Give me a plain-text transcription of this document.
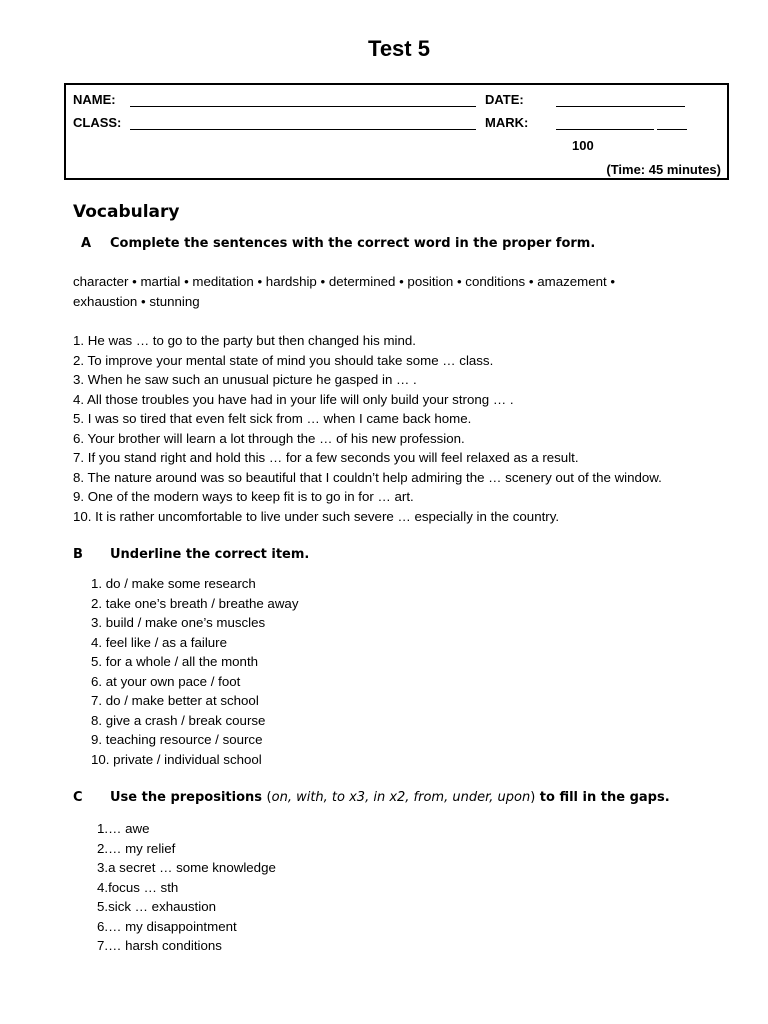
Test 5
NAME:	DATE:
CLASS:	MARK:
100
(Time: 45 minutes)
Vocabulary
A Complete the sentences with the correct word in the proper form.
character • martial • meditation • hardship • determined • position • conditions • amazement •
exhaustion • stunning
1. He was … to go to the party but then changed his mind.
2. To improve your mental state of mind you should take some … class.
3. When he saw such an unusual picture he gasped in … .
4. All those troubles you have had in your life will only build your strong … .
5. I was so tired that even felt sick from … when I came back home.
6. Your brother will learn a lot through the … of his new profession.
7. If you stand right and hold this … for a few seconds you will feel relaxed as a result.
8. The nature around was so beautiful that I couldn’t help admiring the … scenery out of the window.
9. One of the modern ways to keep fit is to go in for … art.
10. It is rather uncomfortable to live under such severe … especially in the country.
B Underline the correct item.
1. do / make some research
2. take one’s breath / breathe away
3. build / make one’s muscles
4. feel like / as a failure
5. for a whole / all the month
6. at your own pace / foot
7. do / make better at school
8. give a crash / break course
9. teaching resource / source
10. private / individual school
C Use the prepositions (on, with, to x3, in x2, from, under, upon) to fill in the gaps.
1.… awe
2.… my relief
3.a secret … some knowledge
4.focus … sth
5.sick … exhaustion
6.… my disappointment
7.… harsh conditions
